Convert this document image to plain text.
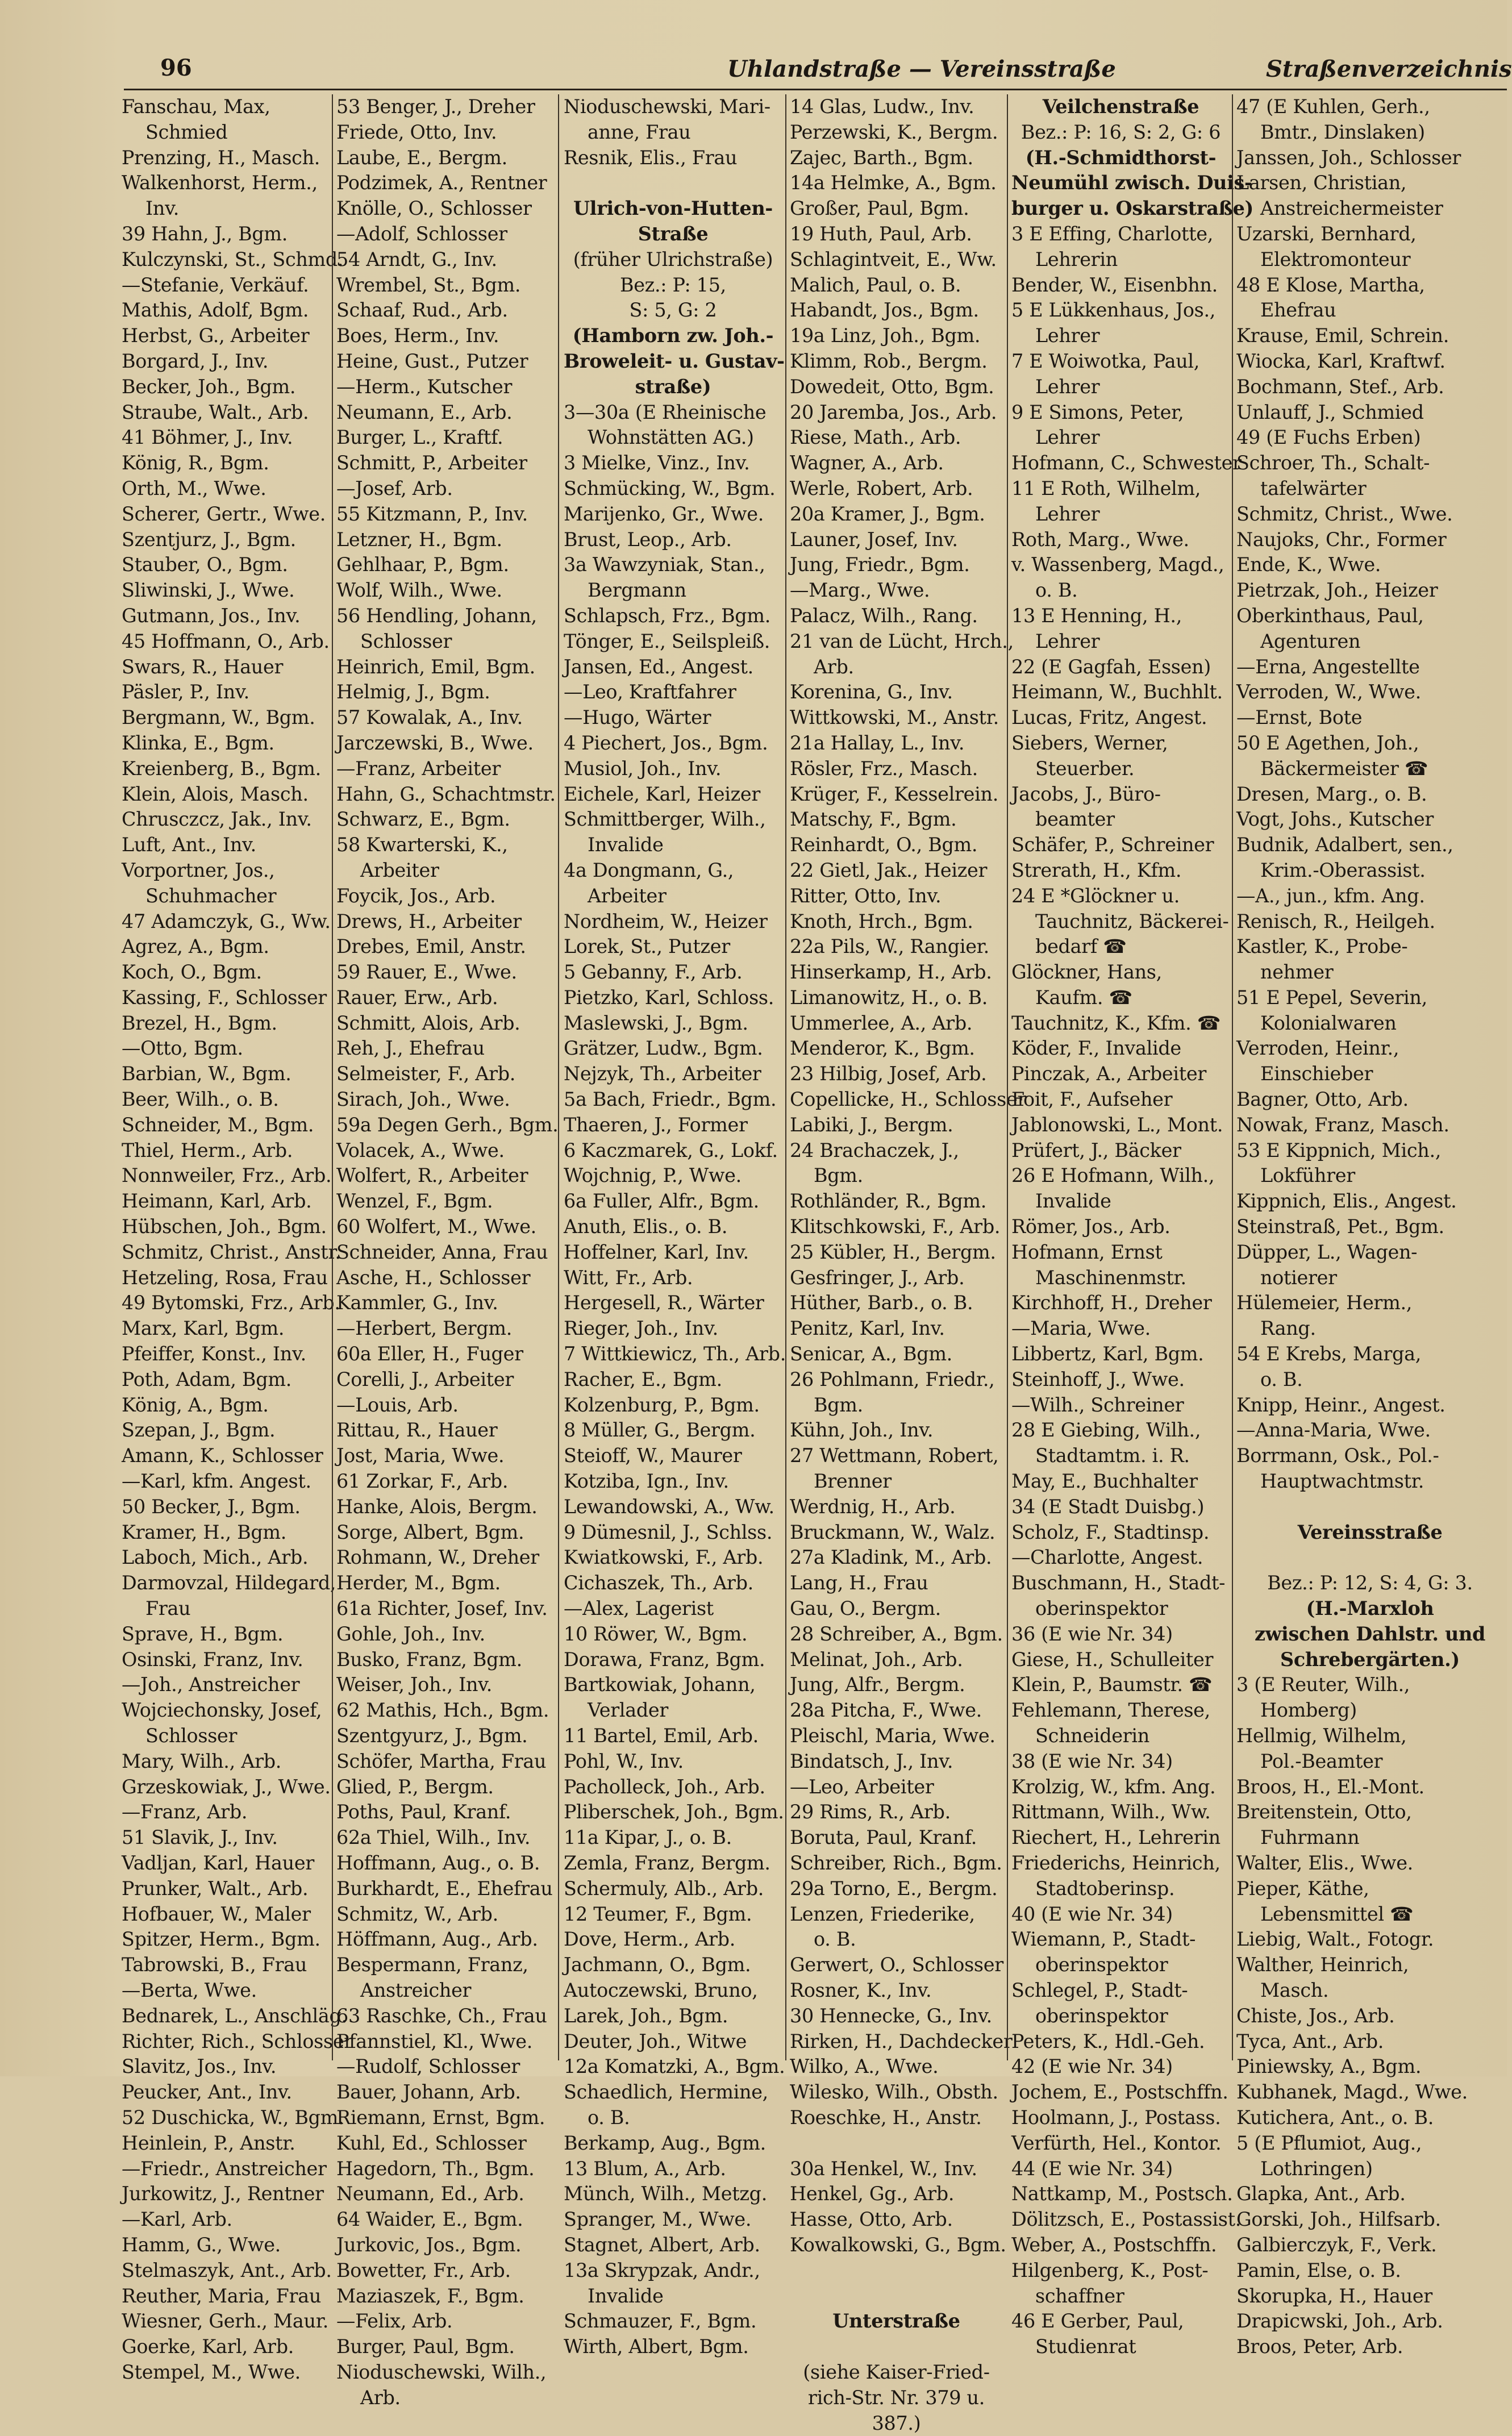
96	Uhlandstraße — Vereinsstraße	Straßenverzeichnis
Fanschau, Max,
Schmied
Prenzing, H., Masch.
Walkenhorst, Herm.,
Inv.
39 Hahn, J., Bgm.
Kulczynski, St., Schmd.
—Stefanie, Verkäuf.
Mathis, Adolf, Bgm.
Herbst, G., Arbeiter
Borgard, J., Inv.
Becker, Joh., Bgm.
Straube, Walt., Arb.
41 Böhmer, J., Inv.
König, R., Bgm.
Orth, M., Wwe.
Scherer, Gertr., Wwe.
Szentjurz, J., Bgm.
Stauber, O., Bgm.
Sliwinski, J., Wwe.
Gutmann, Jos., Inv.
45 Hoffmann, O., Arb.
Swars, R., Hauer
Päsler, P., Inv.
Bergmann, W., Bgm.
Klinka, E., Bgm.
Kreienberg, B., Bgm.
Klein, Alois, Masch.
Chrusczcz, Jak., Inv.
Luft, Ant., Inv.
Vorportner, Jos.,
Schuhmacher
47 Adamczyk, G., Ww.
Agrez, A., Bgm.
Koch, O., Bgm.
Kassing, F., Schlosser
Brezel, H., Bgm.
—Otto, Bgm.
Barbian, W., Bgm.
Beer, Wilh., o. B.
Schneider, M., Bgm.
Thiel, Herm., Arb.
Nonnweiler, Frz., Arb.
Heimann, Karl, Arb.
Hübschen, Joh., Bgm.
Schmitz, Christ., Anstr.
Hetzeling, Rosa, Frau
49 Bytomski, Frz., Arb.
Marx, Karl, Bgm.
Pfeiffer, Konst., Inv.
Poth, Adam, Bgm.
König, A., Bgm.
Szepan, J., Bgm.
Amann, K., Schlosser
—Karl, kfm. Angest.
50 Becker, J., Bgm.
Kramer, H., Bgm.
Laboch, Mich., Arb.
Darmovzal, Hildegard,
Frau
Sprave, H., Bgm.
Osinski, Franz, Inv.
—Joh., Anstreicher
Wojciechonsky, Josef,
Schlosser
Mary, Wilh., Arb.
Grzeskowiak, J., Wwe.
—Franz, Arb.
51 Slavik, J., Inv.
Vadljan, Karl, Hauer
Prunker, Walt., Arb.
Hofbauer, W., Maler
Spitzer, Herm., Bgm.
Tabrowski, B., Frau
—Berta, Wwe.
Bednarek, L., Anschläg.
Richter, Rich., Schlosser
Slavitz, Jos., Inv.
Peucker, Ant., Inv.
52 Duschicka, W., Bgm.
Heinlein, P., Anstr.
—Friedr., Anstreicher
Jurkowitz, J., Rentner
—Karl, Arb.
Hamm, G., Wwe.
Stelmaszyk, Ant., Arb.
Reuther, Maria, Frau
Wiesner, Gerh., Maur.
Goerke, Karl, Arb.
Stempel, M., Wwe.
53 Benger, J., Dreher
Friede, Otto, Inv.
Laube, E., Bergm.
Podzimek, A., Rentner
Knölle, O., Schlosser
—Adolf, Schlosser
54 Arndt, G., Inv.
Wrembel, St., Bgm.
Schaaf, Rud., Arb.
Boes, Herm., Inv.
Heine, Gust., Putzer
—Herm., Kutscher
Neumann, E., Arb.
Burger, L., Kraftf.
Schmitt, P., Arbeiter
—Josef, Arb.
55 Kitzmann, P., Inv.
Letzner, H., Bgm.
Gehlhaar, P., Bgm.
Wolf, Wilh., Wwe.
56 Hendling, Johann,
Schlosser
Heinrich, Emil, Bgm.
Helmig, J., Bgm.
57 Kowalak, A., Inv.
Jarczewski, B., Wwe.
—Franz, Arbeiter
Hahn, G., Schachtmstr.
Schwarz, E., Bgm.
58 Kwarterski, K.,
Arbeiter
Foycik, Jos., Arb.
Drews, H., Arbeiter
Drebes, Emil, Anstr.
59 Rauer, E., Wwe.
Rauer, Erw., Arb.
Schmitt, Alois, Arb.
Reh, J., Ehefrau
Selmeister, F., Arb.
Sirach, Joh., Wwe.
59a Degen Gerh., Bgm.
Volacek, A., Wwe.
Wolfert, R., Arbeiter
Wenzel, F., Bgm.
60 Wolfert, M., Wwe.
Schneider, Anna, Frau
Asche, H., Schlosser
Kammler, G., Inv.
—Herbert, Bergm.
60a Eller, H., Fuger
Corelli, J., Arbeiter
—Louis, Arb.
Rittau, R., Hauer
Jost, Maria, Wwe.
61 Zorkar, F., Arb.
Hanke, Alois, Bergm.
Sorge, Albert, Bgm.
Rohmann, W., Dreher
Herder, M., Bgm.
61a Richter, Josef, Inv.
Gohle, Joh., Inv.
Busko, Franz, Bgm.
Weiser, Joh., Inv.
62 Mathis, Hch., Bgm.
Szentgyurz, J., Bgm.
Schöfer, Martha, Frau
Glied, P., Bergm.
Poths, Paul, Kranf.
62a Thiel, Wilh., Inv.
Hoffmann, Aug., o. B.
Burkhardt, E., Ehefrau
Schmitz, W., Arb.
Höffmann, Aug., Arb.
Bespermann, Franz,
Anstreicher
63 Raschke, Ch., Frau
Pfannstiel, Kl., Wwe.
—Rudolf, Schlosser
Bauer, Johann, Arb.
Riemann, Ernst, Bgm.
Kuhl, Ed., Schlosser
Hagedorn, Th., Bgm.
Neumann, Ed., Arb.
64 Waider, E., Bgm.
Jurkovic, Jos., Bgm.
Bowetter, Fr., Arb.
Maziaszek, F., Bgm.
—Felix, Arb.
Burger, Paul, Bgm.
Nioduschewski, Wilh.,
Arb.
Nioduschewski, Mari-
anne, Frau
Resnik, Elis., Frau

Ulrich-von-Hutten-
Straße
(früher Ulrichstraße)
Bez.: P: 15,
S: 5, G: 2
(Hamborn zw. Joh.-
Broweleit- u. Gustav-
straße)
3—30a (E Rheinische
Wohnstätten AG.)
3 Mielke, Vinz., Inv.
Schmücking, W., Bgm.
Marijenko, Gr., Wwe.
Brust, Leop., Arb.
3a Wawzyniak, Stan.,
Bergmann
Schlapsch, Frz., Bgm.
Tönger, E., Seilspleiß.
Jansen, Ed., Angest.
—Leo, Kraftfahrer
—Hugo, Wärter
4 Piechert, Jos., Bgm.
Musiol, Joh., Inv.
Eichele, Karl, Heizer
Schmittberger, Wilh.,
Invalide
4a Dongmann, G.,
Arbeiter
Nordheim, W., Heizer
Lorek, St., Putzer
5 Gebanny, F., Arb.
Pietzko, Karl, Schloss.
Maslewski, J., Bgm.
Grätzer, Ludw., Bgm.
Nejzyk, Th., Arbeiter
5a Bach, Friedr., Bgm.
Thaeren, J., Former
6 Kaczmarek, G., Lokf.
Wojchnig, P., Wwe.
6a Fuller, Alfr., Bgm.
Anuth, Elis., o. B.
Hoffelner, Karl, Inv.
Witt, Fr., Arb.
Hergesell, R., Wärter
Rieger, Joh., Inv.
7 Wittkiewicz, Th., Arb.
Racher, E., Bgm.
Kolzenburg, P., Bgm.
8 Müller, G., Bergm.
Steioff, W., Maurer
Kotziba, Ign., Inv.
Lewandowski, A., Ww.
9 Dümesnil, J., Schlss.
Kwiatkowski, F., Arb.
Cichaszek, Th., Arb.
—Alex, Lagerist
10 Röwer, W., Bgm.
Dorawa, Franz, Bgm.
Bartkowiak, Johann,
Verlader
11 Bartel, Emil, Arb.
Pohl, W., Inv.
Pacholleck, Joh., Arb.
Pliberschek, Joh., Bgm.
11a Kipar, J., o. B.
Zemla, Franz, Bergm.
Schermuly, Alb., Arb.
12 Teumer, F., Bgm.
Dove, Herm., Arb.
Jachmann, O., Bgm.
Autoczewski, Bruno,
Larek, Joh., Bgm.
Deuter, Joh., Witwe
12a Komatzki, A., Bgm.
Schaedlich, Hermine,
o. B.
Berkamp, Aug., Bgm.
13 Blum, A., Arb.
Münch, Wilh., Metzg.
Spranger, M., Wwe.
Stagnet, Albert, Arb.
13a Skrypzak, Andr.,
Invalide
Schmauzer, F., Bgm.
Wirth, Albert, Bgm.
14 Glas, Ludw., Inv.
Perzewski, K., Bergm.
Zajec, Barth., Bgm.
14a Helmke, A., Bgm.
Großer, Paul, Bgm.
19 Huth, Paul, Arb.
Schlagintveit, E., Ww.
Malich, Paul, o. B.
Habandt, Jos., Bgm.
19a Linz, Joh., Bgm.
Klimm, Rob., Bergm.
Dowedeit, Otto, Bgm.
20 Jaremba, Jos., Arb.
Riese, Math., Arb.
Wagner, A., Arb.
Werle, Robert, Arb.
20a Kramer, J., Bgm.
Launer, Josef, Inv.
Jung, Friedr., Bgm.
—Marg., Wwe.
Palacz, Wilh., Rang.
21 van de Lücht, Hrch.,
Arb.
Korenina, G., Inv.
Wittkowski, M., Anstr.
21a Hallay, L., Inv.
Rösler, Frz., Masch.
Krüger, F., Kesselrein.
Matschy, F., Bgm.
Reinhardt, O., Bgm.
22 Gietl, Jak., Heizer
Ritter, Otto, Inv.
Knoth, Hrch., Bgm.
22a Pils, W., Rangier.
Hinserkamp, H., Arb.
Limanowitz, H., o. B.
Ummerlee, A., Arb.
Menderor, K., Bgm.
23 Hilbig, Josef, Arb.
Copellicke, H., Schlosser
Labiki, J., Bergm.
24 Brachaczek, J.,
Bgm.
Rothländer, R., Bgm.
Klitschkowski, F., Arb.
25 Kübler, H., Bergm.
Gesfringer, J., Arb.
Hüther, Barb., o. B.
Penitz, Karl, Inv.
Senicar, A., Bgm.
26 Pohlmann, Friedr.,
Bgm.
Kühn, Joh., Inv.
27 Wettmann, Robert,
Brenner
Werdnig, H., Arb.
Bruckmann, W., Walz.
27a Kladink, M., Arb.
Lang, H., Frau
Gau, O., Bergm.
28 Schreiber, A., Bgm.
Melinat, Joh., Arb.
Jung, Alfr., Bergm.
28a Pitcha, F., Wwe.
Pleischl, Maria, Wwe.
Bindatsch, J., Inv.
—Leo, Arbeiter
29 Rims, R., Arb.
Boruta, Paul, Kranf.
Schreiber, Rich., Bgm.
29a Torno, E., Bergm.
Lenzen, Friederike,
o. B.
Gerwert, O., Schlosser
Rosner, K., Inv.
30 Hennecke, G., Inv.
Rirken, H., Dachdecker
Wilko, A., Wwe.
Wilesko, Wilh., Obsth.
Roeschke, H., Anstr.

30a Henkel, W., Inv.
Henkel, Gg., Arb.
Hasse, Otto, Arb.
Kowalkowski, G., Bgm.

Unterstraße

(siehe Kaiser-Fried-
rich-Str. Nr. 379 u.
387.)
Veilchenstraße
Bez.: P: 16, S: 2, G: 6
(H.-Schmidthorst-
Neumühl zwisch. Duis-
burger u. Oskarstraße)
3 E Effing, Charlotte,
Lehrerin
Bender, W., Eisenbhn.
5 E Lükkenhaus, Jos.,
Lehrer
7 E Woiwotka, Paul,
Lehrer
9 E Simons, Peter,
Lehrer
Hofmann, C., Schwester
11 E Roth, Wilhelm,
Lehrer
Roth, Marg., Wwe.
v. Wassenberg, Magd.,
o. B.
13 E Henning, H.,
Lehrer
22 (E Gagfah, Essen)
Heimann, W., Buchhlt.
Lucas, Fritz, Angest.
Siebers, Werner,
Steuerber.
Jacobs, J., Büro-
beamter
Schäfer, P., Schreiner
Strerath, H., Kfm.
24 E *Glöckner u.
Tauchnitz, Bäckerei-
bedarf ☎
Glöckner, Hans,
Kaufm. ☎
Tauchnitz, K., Kfm. ☎
Köder, F., Invalide
Pinczak, A., Arbeiter
Foit, F., Aufseher
Jablonowski, L., Mont.
Prüfert, J., Bäcker
26 E Hofmann, Wilh.,
Invalide
Römer, Jos., Arb.
Hofmann, Ernst
Maschinenmstr.
Kirchhoff, H., Dreher
—Maria, Wwe.
Libbertz, Karl, Bgm.
Steinhoff, J., Wwe.
—Wilh., Schreiner
28 E Giebing, Wilh.,
Stadtamtm. i. R.
May, E., Buchhalter
34 (E Stadt Duisbg.)
Scholz, F., Stadtinsp.
—Charlotte, Angest.
Buschmann, H., Stadt-
oberinspektor
36 (E wie Nr. 34)
Giese, H., Schulleiter
Klein, P., Baumstr. ☎
Fehlemann, Therese,
Schneiderin
38 (E wie Nr. 34)
Krolzig, W., kfm. Ang.
Rittmann, Wilh., Ww.
Riechert, H., Lehrerin
Friederichs, Heinrich,
Stadtoberinsp.
40 (E wie Nr. 34)
Wiemann, P., Stadt-
oberinspektor
Schlegel, P., Stadt-
oberinspektor
Peters, K., Hdl.-Geh.
42 (E wie Nr. 34)
Jochem, E., Postschffn.
Hoolmann, J., Postass.
Verfürth, Hel., Kontor.
44 (E wie Nr. 34)
Nattkamp, M., Postsch.
Dölitzsch, E., Postassist.
Weber, A., Postschffn.
Hilgenberg, K., Post-
schaffner
46 E Gerber, Paul,
Studienrat
47 (E Kuhlen, Gerh.,
Bmtr., Dinslaken)
Janssen, Joh., Schlosser
Larsen, Christian,
Anstreichermeister
Uzarski, Bernhard,
Elektromonteur
48 E Klose, Martha,
Ehefrau
Krause, Emil, Schrein.
Wiocka, Karl, Kraftwf.
Bochmann, Stef., Arb.
Unlauff, J., Schmied
49 (E Fuchs Erben)
Schroer, Th., Schalt-
tafelwärter
Schmitz, Christ., Wwe.
Naujoks, Chr., Former
Ende, K., Wwe.
Pietrzak, Joh., Heizer
Oberkinthaus, Paul,
Agenturen
—Erna, Angestellte
Verroden, W., Wwe.
—Ernst, Bote
50 E Agethen, Joh.,
Bäckermeister ☎
Dresen, Marg., o. B.
Vogt, Johs., Kutscher
Budnik, Adalbert, sen.,
Krim.-Oberassist.
—A., jun., kfm. Ang.
Renisch, R., Heilgeh.
Kastler, K., Probe-
nehmer
51 E Pepel, Severin,
Kolonialwaren
Verroden, Heinr.,
Einschieber
Bagner, Otto, Arb.
Nowak, Franz, Masch.
53 E Kippnich, Mich.,
Lokführer
Kippnich, Elis., Angest.
Steinstraß, Pet., Bgm.
Düpper, L., Wagen-
notierer
Hülemeier, Herm.,
Rang.
54 E Krebs, Marga,
o. B.
Knipp, Heinr., Angest.
—Anna-Maria, Wwe.
Borrmann, Osk., Pol.-
Hauptwachtmstr.

Vereinsstraße

Bez.: P: 12, S: 4, G: 3.
(H.-Marxloh
zwischen Dahlstr. und
Schrebergärten.)
3 (E Reuter, Wilh.,
Homberg)
Hellmig, Wilhelm,
Pol.-Beamter
Broos, H., El.-Mont.
Breitenstein, Otto,
Fuhrmann
Walter, Elis., Wwe.
Pieper, Käthe,
Lebensmittel ☎
Liebig, Walt., Fotogr.
Walther, Heinrich,
Masch.
Chiste, Jos., Arb.
Tyca, Ant., Arb.
Piniewsky, A., Bgm.
Kubhanek, Magd., Wwe.
Kutichera, Ant., o. B.
5 (E Pflumiot, Aug.,
Lothringen)
Glapka, Ant., Arb.
Gorski, Joh., Hilfsarb.
Galbierczyk, F., Verk.
Pamin, Else, o. B.
Skorupka, H., Hauer
Drapicwski, Joh., Arb.
Broos, Peter, Arb.
